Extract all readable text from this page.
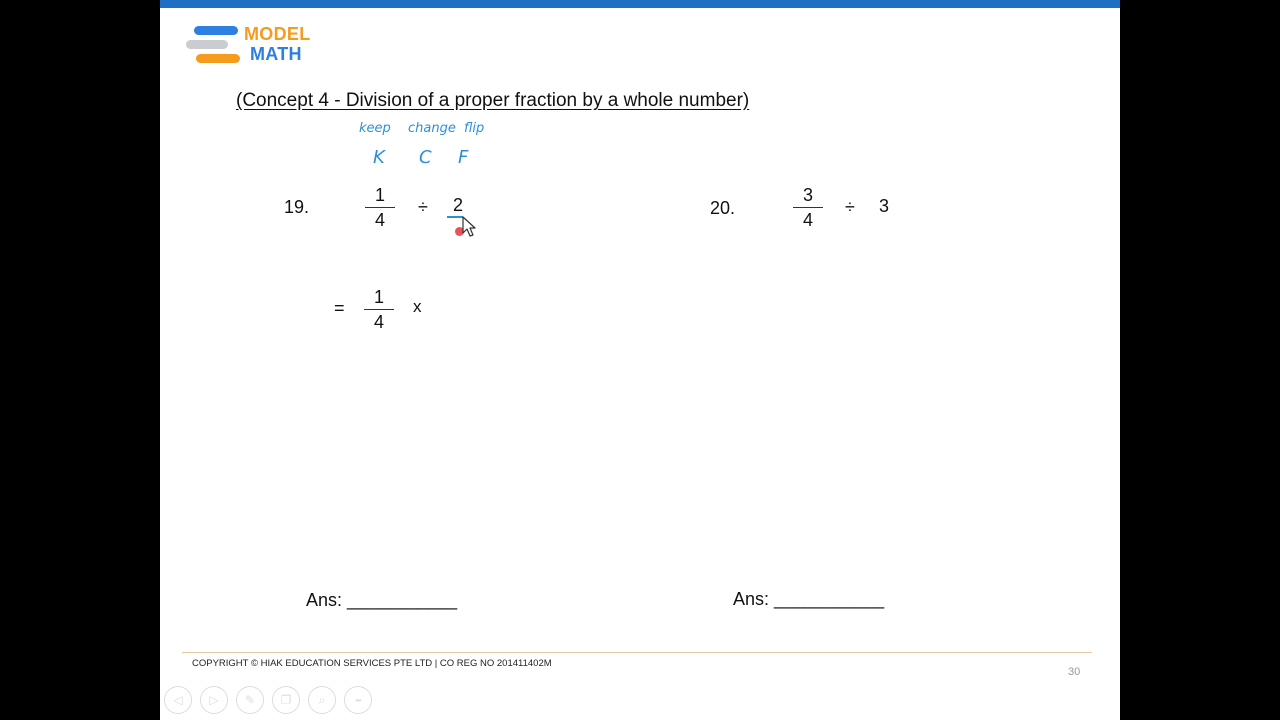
MODEL
MATH
(Concept 4 - Division of a proper fraction by a whole number)
keep change flip
K C F
19.
1
4
÷ 2
=
1
4
x
Ans: ___________
20.
3
4
÷ 3
Ans: ___________
COPYRIGHT © HIAK EDUCATION SERVICES PTE LTD | CO REG NO 201411402M
30
◁ ▷ ✎ ❐ ⌕	•••
